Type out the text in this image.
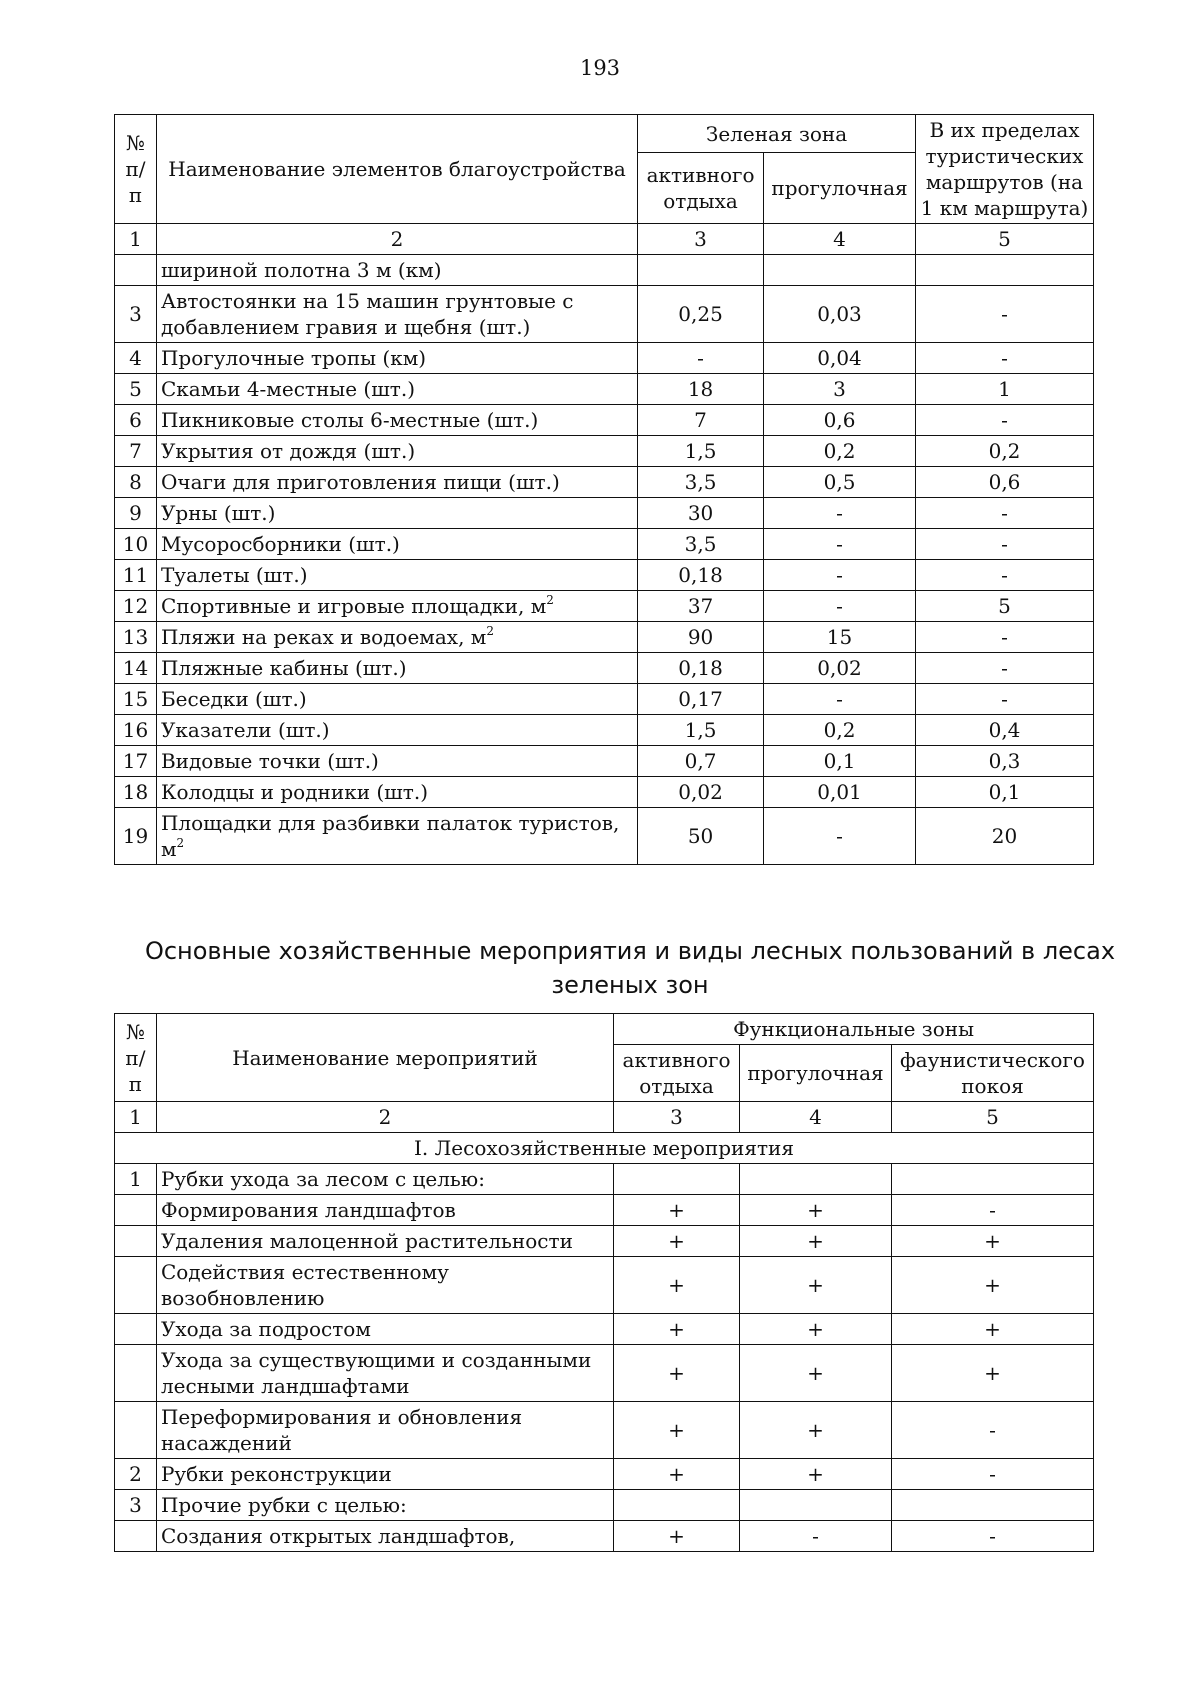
193
№ п/п	Наименование элементов благоустройства	Зеленая зона		В их пределах туристических маршрутов (на 1 км маршрута)
		активного отдыха	прогулочная	
1	2	3	4	5
	шириной полотна 3 м (км)			
3	Автостоянки на 15 машин грунтовые с добавлением гравия и щебня (шт.)	0,25	0,03	-
4	Прогулочные тропы (км)	-	0,04	-
5	Скамьи 4-местные (шт.)	18	3	1
6	Пикниковые столы 6-местные (шт.)	7	0,6	-
7	Укрытия от дождя (шт.)	1,5	0,2	0,2
8	Очаги для приготовления пищи (шт.)	3,5	0,5	0,6
9	Урны (шт.)	30	-	-
10	Мусоросборники (шт.)	3,5	-	-
11	Туалеты (шт.)	0,18	-	-
12	Спортивные и игровые площадки, $м^2$	37	-	5
13	Пляжи на реках и водоемах, $м^2$	90	15	-
14	Пляжные кабины (шт.)	0,18	0,02	-
15	Беседки (шт.)	0,17	-	-
16	Указатели (шт.)	1,5	0,2	0,4
17	Видовые точки (шт.)	0,7	0,1	0,3
18	Колодцы и родники (шт.)	0,02	0,01	0,1
19	Площадки для разбивки палаток туристов, $м^2$	50	-	20
Основные хозяйственные мероприятия и виды лесных пользований в лесах зеленых зон
№ п/п	Наименование мероприятий	Функциональные зоны		
		активного отдыха	прогулочная	фаунистического покоя
1	2	3	4	5
I. Лесохозяйственные мероприятия				
1	Рубки ухода за лесом с целью:			
	Формирования ландшафтов	+	+	-
	Удаления малоценной растительности	+	+	+
	Содействия естественному возобновлению	+	+	+
	Ухода за подростом	+	+	+
	Ухода за существующими и созданными лесными ландшафтами	+	+	+
	Переформирования и обновления насаждений	+	+	-
2	Рубки реконструкции	+	+	-
3	Прочие рубки с целью:			
	Создания открытых ландшафтов,	+	-	-
